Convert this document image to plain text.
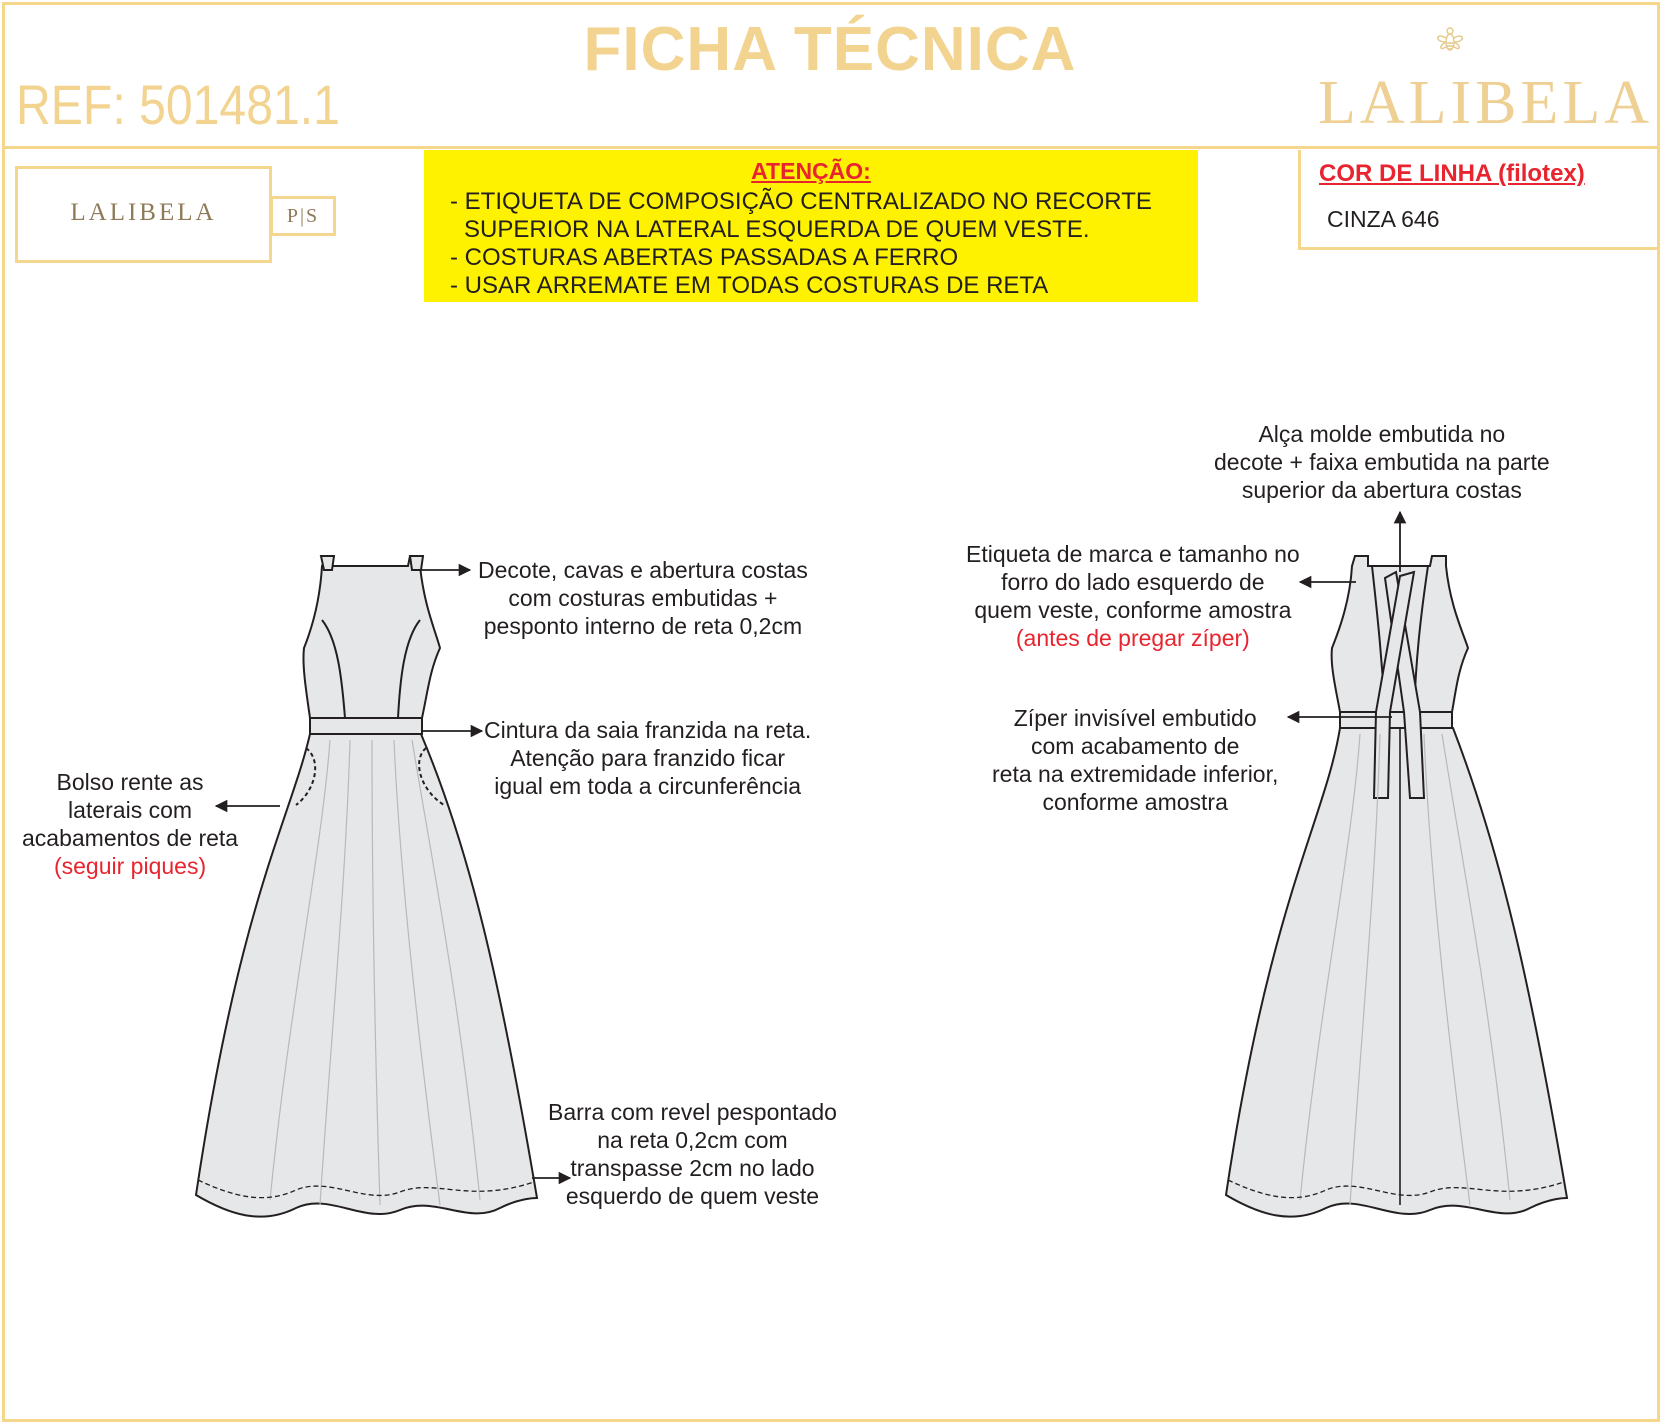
FICHA TÉCNICA
REF: 501481.1	LALIBELA
LALIBELA	P|S
ATENÇÃO:
- ETIQUETA DE COMPOSIÇÃO CENTRALIZADO NO RECORTE
SUPERIOR NA LATERAL ESQUERDA DE QUEM VESTE.
- COSTURAS ABERTAS PASSADAS A FERRO
- USAR ARREMATE EM TODAS COSTURAS DE RETA
COR DE LINHA (filotex)
CINZA 646
Decote, cavas e abertura costas
com costuras embutidas +
pesponto interno de reta 0,2cm
Cintura da saia franzida na reta.
Atenção para franzido ficar
igual em toda a circunferência
Bolso rente as
laterais com
acabamentos de reta
(seguir piques)
Barra com revel pespontado
na reta 0,2cm com
transpasse 2cm no lado
esquerdo de quem veste
Alça molde embutida no
decote + faixa embutida na parte
superior da abertura costas
Etiqueta de marca e tamanho no
forro do lado esquerdo de
quem veste, conforme amostra
(antes de pregar zíper)
Zíper invisível embutido
com acabamento de
reta na extremidade inferior,
conforme amostra
